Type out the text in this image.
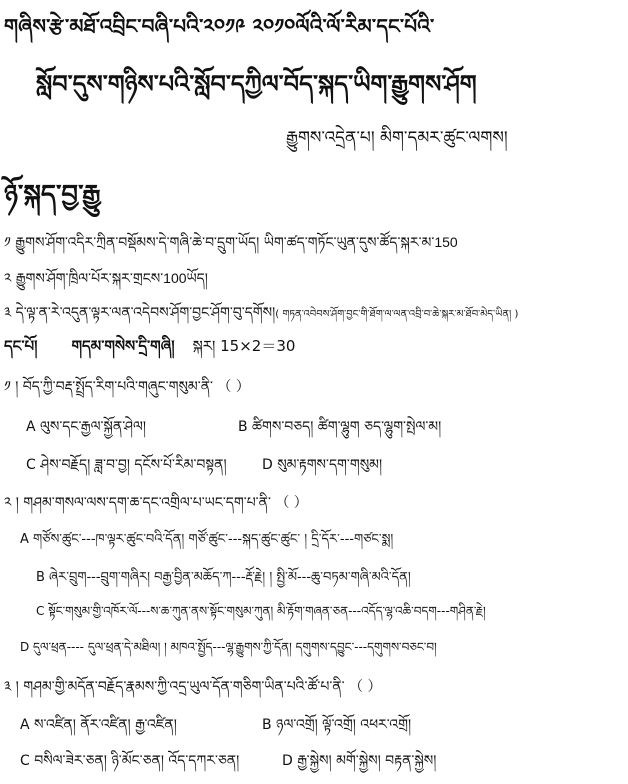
གཞིས་རྩེ་མཐོ་འབྲིང་བཞི་པའི་༢༠༡༩ ༢༠༡༠ལོའི་ལོ་རིམ་དང་པོའི་
སློབ་དུས་གཉིས་པའི་སློབ་དཀྱིལ་བོད་སྐད་ཡིག་རྒྱུགས་ཤོག
རྒྱུགས་འདྲེན་པ། མིག་དམར་ཚུང་ལགས།
ཉོ་སྐད་བྱ་རྒྱུ
༡ རྒྱུགས་ཤོག་འདིར་ཀྲིན་བསྡོམས་དེ་གཞི་ཆེ་བ་དྲུག་ཡོད། ཡིག་ཚད་གཏོང་ཡུན་དུས་ཚོད་སྐར་མ་150
༢ རྒྱུགས་ཤོག་ཁྲིལ་པོར་སྐར་གྲངས་100ཡོད།
༣ དེ་ལྟ་ན་རེ་འདུན་ལྟར་ལན་འདེབས་ཤོག་བྱང་ཤོག་བུ་དགོས།( གཏན་འབེབས་ཤོག་བྱང་གི་ཐོག་ལ་ལན་འབྲི་བ་ཆེ་སྐར་མ་ཐོབ་མེད་ཡིན། )
དང་པོ། གདམ་གསེས་དྲི་གཞི། སྐར། 15×2＝30
༡ ། བོད་ཀྱི་བརྡ་སྤྲོད་རིག་པའི་གཞུང་གསུམ་ནི་ （ ）
A ལུས་དང་རྒྱལ་སྐྱོན་ཤེལ།	B ཚིགས་བཅད། ཚིག་ལྷུག ཅད་ལྷུག་སྤེལ་མ།
C ཤེས་བརྗོད། ཟླ་བ་བྱ། དངོས་པོ་རིམ་བསྟན།	D སུམ་རྟགས་དག་གསུམ།
༢ ། གཤམ་གསལ་ལས་དག་ཆ་དང་འགྲིལ་པ་ཡང་དག་པ་ནི་ （ ）
A གཙོས་ཚུང་---ཁ་ལྟར་ཚུང་བའི་དོན། གཙོ་ཚུང་---སྐད་ཚུང་ཚུང་ ། དྲི་དོར་---གཙང་སྨ།
B ཞེར་བྲུག---བྲུག་གཞིར། བརྒྱ་བྱིན་མཆོད་ཀ---རྡོ་རྗེ། ། སྤྱི་མོ---ཆུ་བཏམ་གཞི་མའི་དོན།
C སྟོང་གསུམ་གྱི་འཁོར་ལོ---ས་ཆ་ཀུན་ནས་སྟོང་གསུམ་ཀུན། མི་རྟོག་གཞན་ཅན---འདོད་ལྷ་འཆི་བདག---གཤིན་རྗེ།
D དུལ་ཕྲན---- དུལ་ཕྲན་དེ་མཐིལ། ། མཁའ་སྤྱོད---ལྷ་རྒྱུགས་ཀྱི་དོན། དགུགས་དབྱུང་---དགུགས་བཅང་བ།
༣ ། གཤམ་གྱི་མདོན་བརྗོད་རྣམས་ཀྱི་འདྲ་ཡུལ་དོན་གཅིག་ཡིན་པའི་ཚོ་པ་ནི་ （ ）
A ས་འཛིན། ནོར་འཛིན། རྒྱ་འཛིན།	B ཉལ་འགྲོ། ལྟོ་འགྲོ། འཕར་འགྲོ།
C བསིལ་ཟེར་ཅན། ཉི་མོང་ཅན། འོད་དཀར་ཅན།	D རྒྱ་སྐྱེས། མགོ་སྐྱེས། བརྟན་སྐྱེས།
